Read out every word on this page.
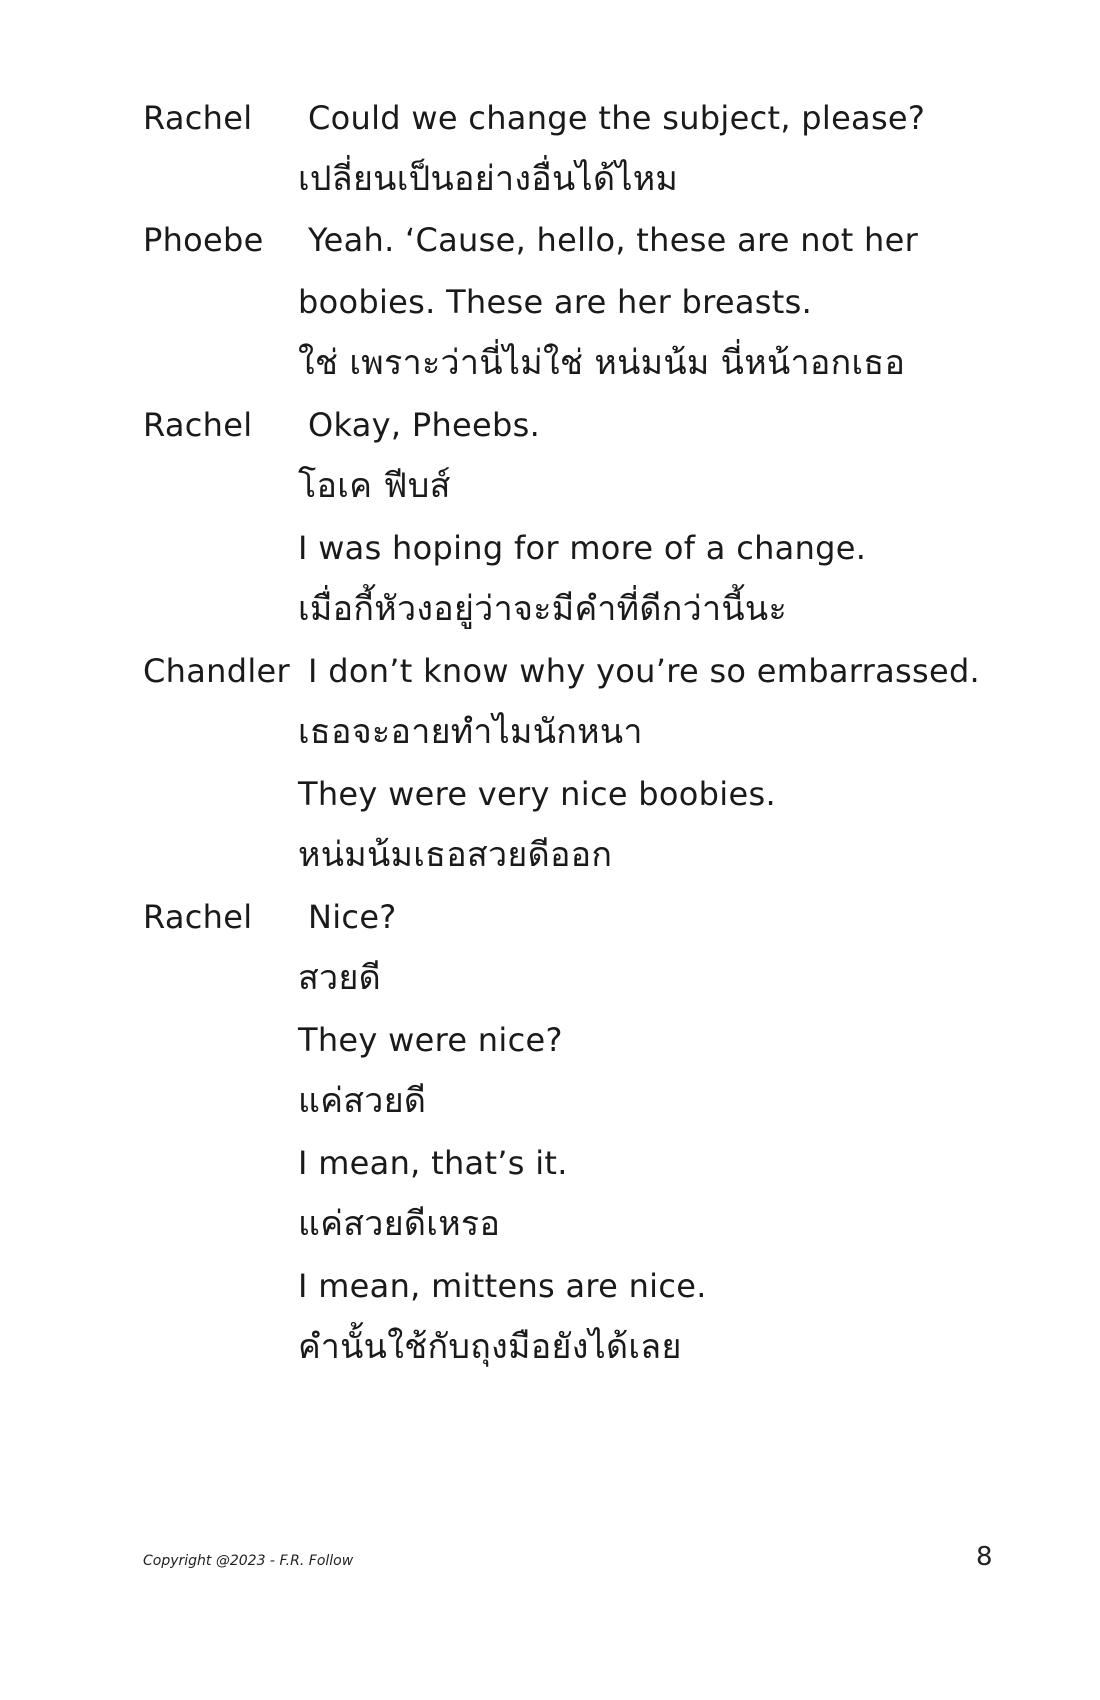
Rachel Could we change the subject, please?
เปลี่ยนเป็นอย่างอื่นได้ไหม
Phoebe Yeah. ‘Cause, hello, these are not her
boobies. These are her breasts.
ใช่ เพราะว่านี่ไม่ใช่ หน่มน้ม นี่หน้าอกเธอ
Rachel Okay, Pheebs.
โอเค ฟีบส์
I was hoping for more of a change.
เมื่อกี้หัวงอยู่ว่าจะมีคำที่ดีกว่านี้นะ
Chandler I don’t know why you’re so embarrassed.
เธอจะอายทำไมนักหนา
They were very nice boobies.
หน่มน้มเธอสวยดีออก
Rachel Nice?
สวยดี
They were nice?
แค่สวยดี
I mean, that’s it.
แค่สวยดีเหรอ
I mean, mittens are nice.
คำนั้นใช้กับถุงมือยังได้เลย
Copyright @2023 - F.R. Follow	8
